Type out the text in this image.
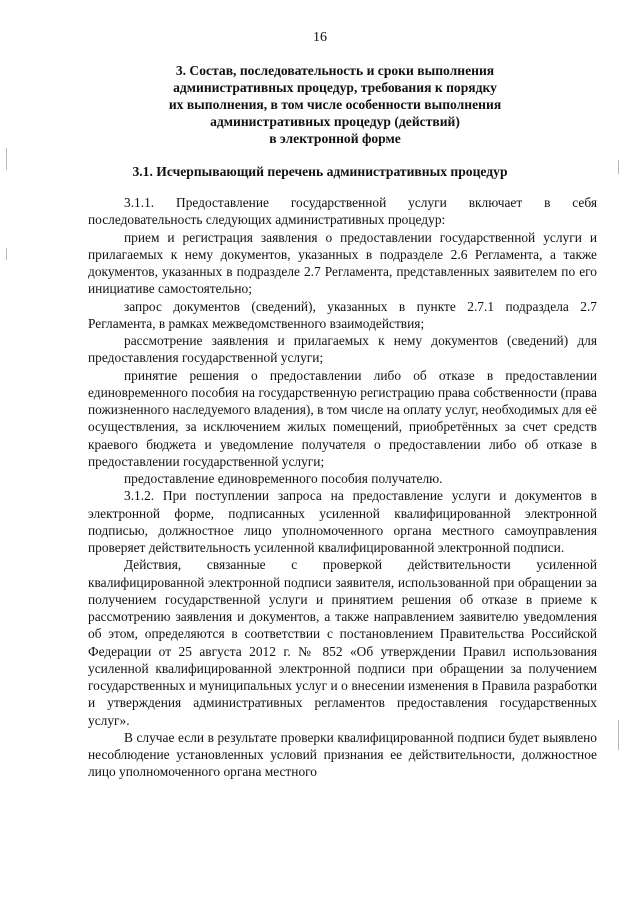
16
3. Состав, последовательность и сроки выполнения
административных процедур, требования к порядку
их выполнения, в том числе особенности выполнения
административных процедур (действий)
в электронной форме
3.1. Исчерпывающий перечень административных процедур

3.1.1. Предоставление государственной услуги включает в себя последовательность следующих административных процедур:

прием и регистрация заявления о предоставлении государственной услуги и прилагаемых к нему документов, указанных в подразделе 2.6 Регламента, а также документов, указанных в подразделе 2.7 Регламента, представленных заявителем по его инициативе самостоятельно;

запрос документов (сведений), указанных в пункте 2.7.1 подраздела 2.7 Регламента, в рамках межведомственного взаимодействия;

рассмотрение заявления и прилагаемых к нему документов (сведений) для предоставления государственной услуги;

принятие решения о предоставлении либо об отказе в предоставлении единовременного пособия на государственную регистрацию права собственности (права пожизненного наследуемого владения), в том числе на оплату услуг, необходимых для её осуществления, за исключением жилых помещений, приобретённых за счет средств краевого бюджета и уведомление получателя о предоставлении либо об отказе в предоставлении государственной услуги;

предоставление единовременного пособия получателю.

3.1.2. При поступлении запроса на предоставление услуги и документов в электронной форме, подписанных усиленной квалифицированной электронной подписью, должностное лицо уполномоченного органа местного самоуправления проверяет действительность усиленной квалифицированной электронной подписи.

Действия, связанные с проверкой действительности усиленной квалифицированной электронной подписи заявителя, использованной при обращении за получением государственной услуги и принятием решения об отказе в приеме к рассмотрению заявления и документов, а также направлением заявителю уведомления об этом, определяются в соответствии с постановлением Правительства Российской Федерации от 25 августа 2012 г. № 852 «Об утверждении Правил использования усиленной квалифицированной электронной подписи при обращении за получением государственных и муниципальных услуг и о внесении изменения в Правила разработки и утверждения административных регламентов предоставления государственных услуг».

В случае если в результате проверки квалифицированной подписи будет выявлено несоблюдение установленных условий признания ее действительности, должностное лицо уполномоченного органа местного
